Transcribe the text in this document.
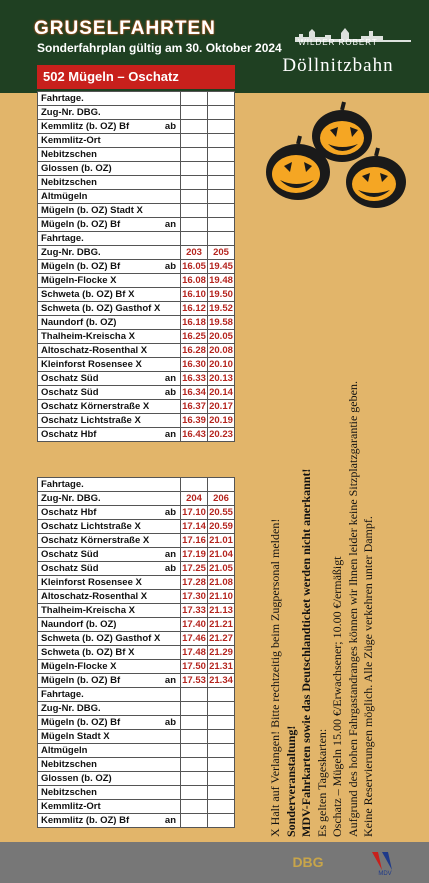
GRUSELFAHRTEN
Sonderfahrplan gültig am 30. Oktober 2024	WILDER ROBERT
Döllnitzbahn
502 Mügeln – Oschatz
Fahrtage.		

Zug-Nr. DBG.		

Kemmlitz (b. OZ) Bf ab		

Kemmlitz-Ort		

Nebitzschen		

Glossen (b. OZ)		

Nebitzschen		

Altmügeln		

Mügeln (b. OZ) Stadt X		

Mügeln (b. OZ) Bf an		

Fahrtage.		

Zug-Nr. DBG.	203	205

Mügeln (b. OZ) Bf ab	16.05	19.45

Mügeln-Flocke X	16.08	19.48

Schweta (b. OZ) Bf X	16.10	19.50

Schweta (b. OZ) Gasthof X	16.12	19.52

Naundorf (b. OZ)	16.18	19.58

Thalheim-Kreischa X	16.25	20.05

Altoschatz-Rosenthal X	16.28	20.08

Kleinforst Rosensee X	16.30	20.10

Oschatz Süd an	16.33	20.13

Oschatz Süd ab	16.34	20.14

Oschatz Körnerstraße X	16.37	20.17

Oschatz Lichtstraße X	16.39	20.19

Oschatz Hbf an	16.43	20.23
Fahrtage.		

Zug-Nr. DBG.	204	206

Oschatz Hbf ab	17.10	20.55

Oschatz Lichtstraße X	17.14	20.59

Oschatz Körnerstraße X	17.16	21.01

Oschatz Süd an	17.19	21.04

Oschatz Süd ab	17.25	21.05

Kleinforst Rosensee X	17.28	21.08

Altoschatz-Rosenthal X	17.30	21.10

Thalheim-Kreischa X	17.33	21.13

Naundorf (b. OZ)	17.40	21.21

Schweta (b. OZ) Gasthof X	17.46	21.27

Schweta (b. OZ) Bf X	17.48	21.29

Mügeln-Flocke X	17.50	21.31

Mügeln (b. OZ) Bf an	17.53	21.34

Fahrtage.		

Zug-Nr. DBG.		

Mügeln (b. OZ) Bf ab		

Mügeln Stadt X		

Altmügeln		

Nebitzschen		

Glossen (b. OZ)		

Nebitzschen		

Kemmlitz-Ort		

Kemmlitz (b. OZ) Bf an		
			X Halt auf Verlangen! Bitte rechtzeitig beim Zugpersonal melden! Sonderveranstaltung! MDV-Fahrkarten sowie das Deutschlandticket werden nicht anerkannt! Es gelten Tageskarten: Oschatz – Mügeln 15.00 €/Erwachsener; 10.00 €/ermäßigt Aufgrund des hohen Fahrgastandranges können wir Ihnen leider keine Sitzplatzgarantie geben. Keine Reservierungen möglich. Alle Züge verkehren unter Dampf.
DBG
MDV
